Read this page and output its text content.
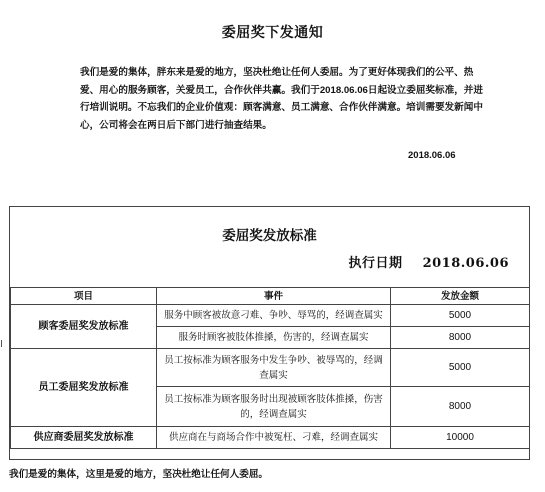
委屈奖下发通知
我们是爱的集体，胖东来是爱的地方，坚决杜绝让任何人委屈。为了更好体现我们的公平、热爱、用心的服务顾客，关爱员工，合作伙伴共赢。我们于2018.06.06日起设立委屈奖标准，并进行培训说明。不忘我们的企业价值观：顾客满意、员工满意、合作伙伴满意。培训需要发新闻中心，公司将会在两日后下部门进行抽查结果。
2018.06.06
委屈奖发放标准
执行日期 2018.06.06
项目	事件	发放金额
顾客委屈奖发放标准	服务中顾客被故意刁难、争吵、辱骂的，经调查属实	5000
	服务时顾客被肢体推搡，伤害的，经调查属实	8000
员工委屈奖发放标准	员工按标准为顾客服务中发生争吵、被辱骂的，经调查属实	5000
	员工按标准为顾客服务时出现被顾客肢体推搡，伤害的，经调查属实	8000
供应商委屈奖发放标准	供应商在与商场合作中被冤枉、刁难，经调查属实	10000
我们是爱的集体，这里是爱的地方，坚决杜绝让任何人委屈。
